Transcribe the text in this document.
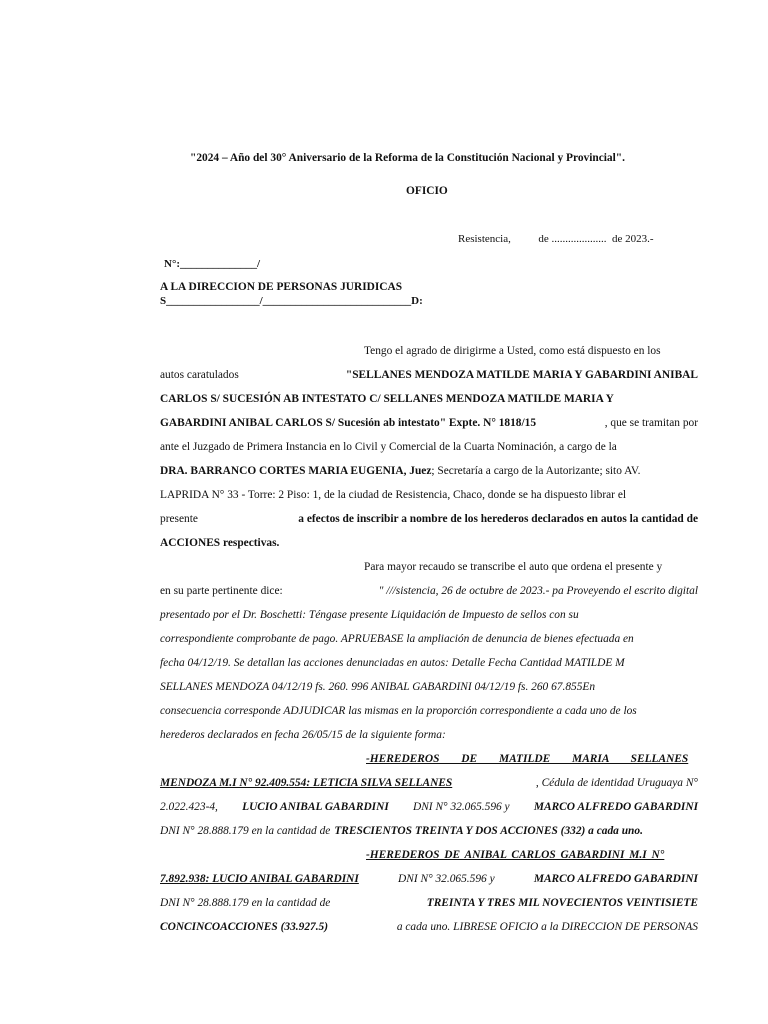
"2024 – Año del 30° Aniversario de la Reforma de la Constitución Nacional y Provincial".
OFICIO
Resistencia,          de ....................  de 2023.-
N°:______________/
A LA DIRECCION DE PERSONAS JURIDICAS
S_________________/___________________________D:
Tengo el agrado de dirigirme a Usted, como está dispuesto en los
autos caratulados	"SELLANES MENDOZA MATILDE MARIA Y GABARDINI ANIBAL
CARLOS S/ SUCESIÓN AB INTESTATO C/ SELLANES MENDOZA MATILDE MARIA Y
GABARDINI ANIBAL CARLOS S/ Sucesión ab intestato" Expte. N° 1818/15	, que se tramitan por
ante el Juzgado de Primera Instancia en lo Civil y Comercial de la Cuarta Nominación, a cargo de la
DRA. BARRANCO CORTES MARIA EUGENIA, Juez ; Secretaría a cargo de la Autorizante; sito AV.
LAPRIDA N° 33 - Torre: 2 Piso: 1, de la ciudad de Resistencia, Chaco, donde se ha dispuesto librar el
presente	a efectos de inscribir a nombre de los herederos declarados en autos la cantidad de
ACCIONES respectivas.
Para mayor recaudo se transcribe el auto que ordena el presente y
en su parte pertinente dice:	" ///sistencia, 26 de octubre de 2023.- pa Proveyendo el escrito digital
presentado por el Dr. Boschetti: Téngase presente Liquidación de Impuesto de sellos con su
correspondiente comprobante de pago. APRUEBASE la ampliación de denuncia de bienes efectuada en
fecha 04/12/19. Se detallan las acciones denunciadas en autos: Detalle Fecha Cantidad MATILDE M
SELLANES MENDOZA 04/12/19 fs. 260. 996 ANIBAL GABARDINI 04/12/19 fs. 260 67.855En
consecuencia corresponde ADJUDICAR las mismas en la proporción correspondiente a cada uno de los
herederos declarados en fecha 26/05/15 de la siguiente forma:
-HEREDEROS DE MATILDE MARIA SELLANES
MENDOZA M.I N° 92.409.554: LETICIA SILVA SELLANES	, Cédula de identidad Uruguaya N°
2.022.423-4, LUCIO ANIBAL GABARDINI DNI N° 32.065.596 y MARCO ALFREDO GABARDINI
DNI N° 28.888.179 en la cantidad de TRESCIENTOS TREINTA Y DOS ACCIONES (332) a cada uno.
-HEREDEROS DE ANIBAL CARLOS GABARDINI M.I N°
7.892.938: LUCIO ANIBAL GABARDINI	DNI N° 32.065.596 y	MARCO ALFREDO GABARDINI
DNI N° 28.888.179 en la cantidad de	TREINTA Y TRES MIL NOVECIENTOS VEINTISIETE
CONCINCOACCIONES (33.927.5)	a cada uno. LIBRESE OFICIO a la DIRECCION DE PERSONAS
